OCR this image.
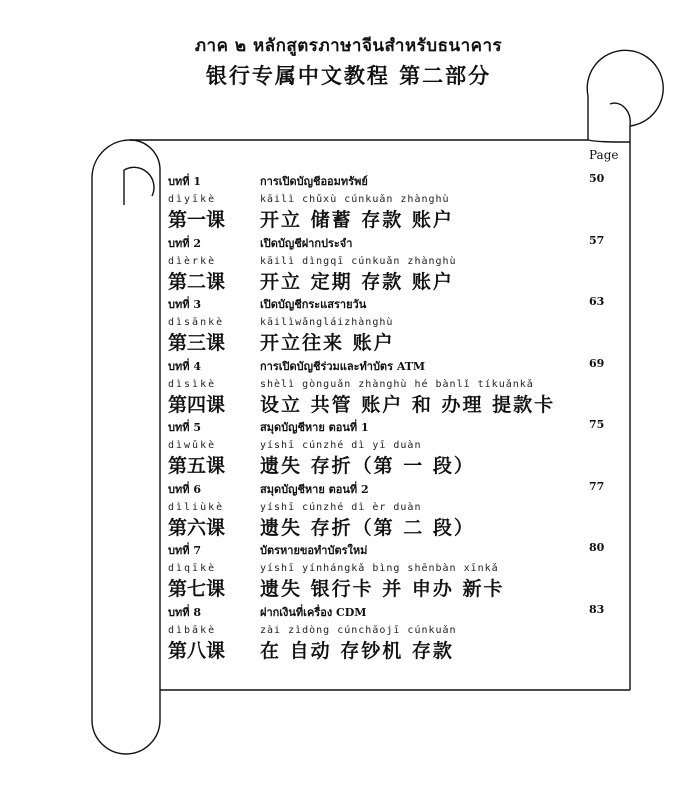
ภาค ๒ หลักสูตรภาษาจีนสำหรับธนาคาร
银行专属中文教程 第二部分
Page
บทที่ 1	การเปิดบัญชีออมทรัพย์	50
dìyīkè	kāilì chǔxù cúnkuǎn zhànghù
第一课 开立 储蓄 存款 账户
บทที่ 2	เปิดบัญชีฝากประจำ	57
dìèrkè	kāilì dìngqī cúnkuǎn zhànghù
第二课 开立 定期 存款 账户
บทที่ 3	เปิดบัญชีกระแสรายวัน	63
dìsānkè	kāilìwǎngláizhànghù
第三课 开立往来 账户
บทที่ 4	การเปิดบัญชีร่วมและทำบัตร ATM	69
dìsìkè	shèlì gònguǎn zhànghù hé bànlǐ tíkuǎnkǎ
第四课 设立 共管 账户 和 办理 提款卡
บทที่ 5	สมุดบัญชีหาย ตอนที่ 1	75
dìwǔkè	yíshī cúnzhé dì yī duàn
第五课 遗失 存折（第 一 段）
บทที่ 6	สมุดบัญชีหาย ตอนที่ 2	77
dìliùkè	yíshī cúnzhé dì èr duàn
第六课 遗失 存折（第 二 段）
บทที่ 7	บัตรหายขอทำบัตรใหม่	80
dìqīkè	yíshī yínhángkǎ bìng shēnbàn xīnkǎ
第七课 遗失 银行卡 并 申办 新卡
บทที่ 8	ฝากเงินที่เครื่อง CDM	83
dìbākè	zài zìdòng cúnchāojī cúnkuǎn
第八课 在 自动 存钞机 存款
